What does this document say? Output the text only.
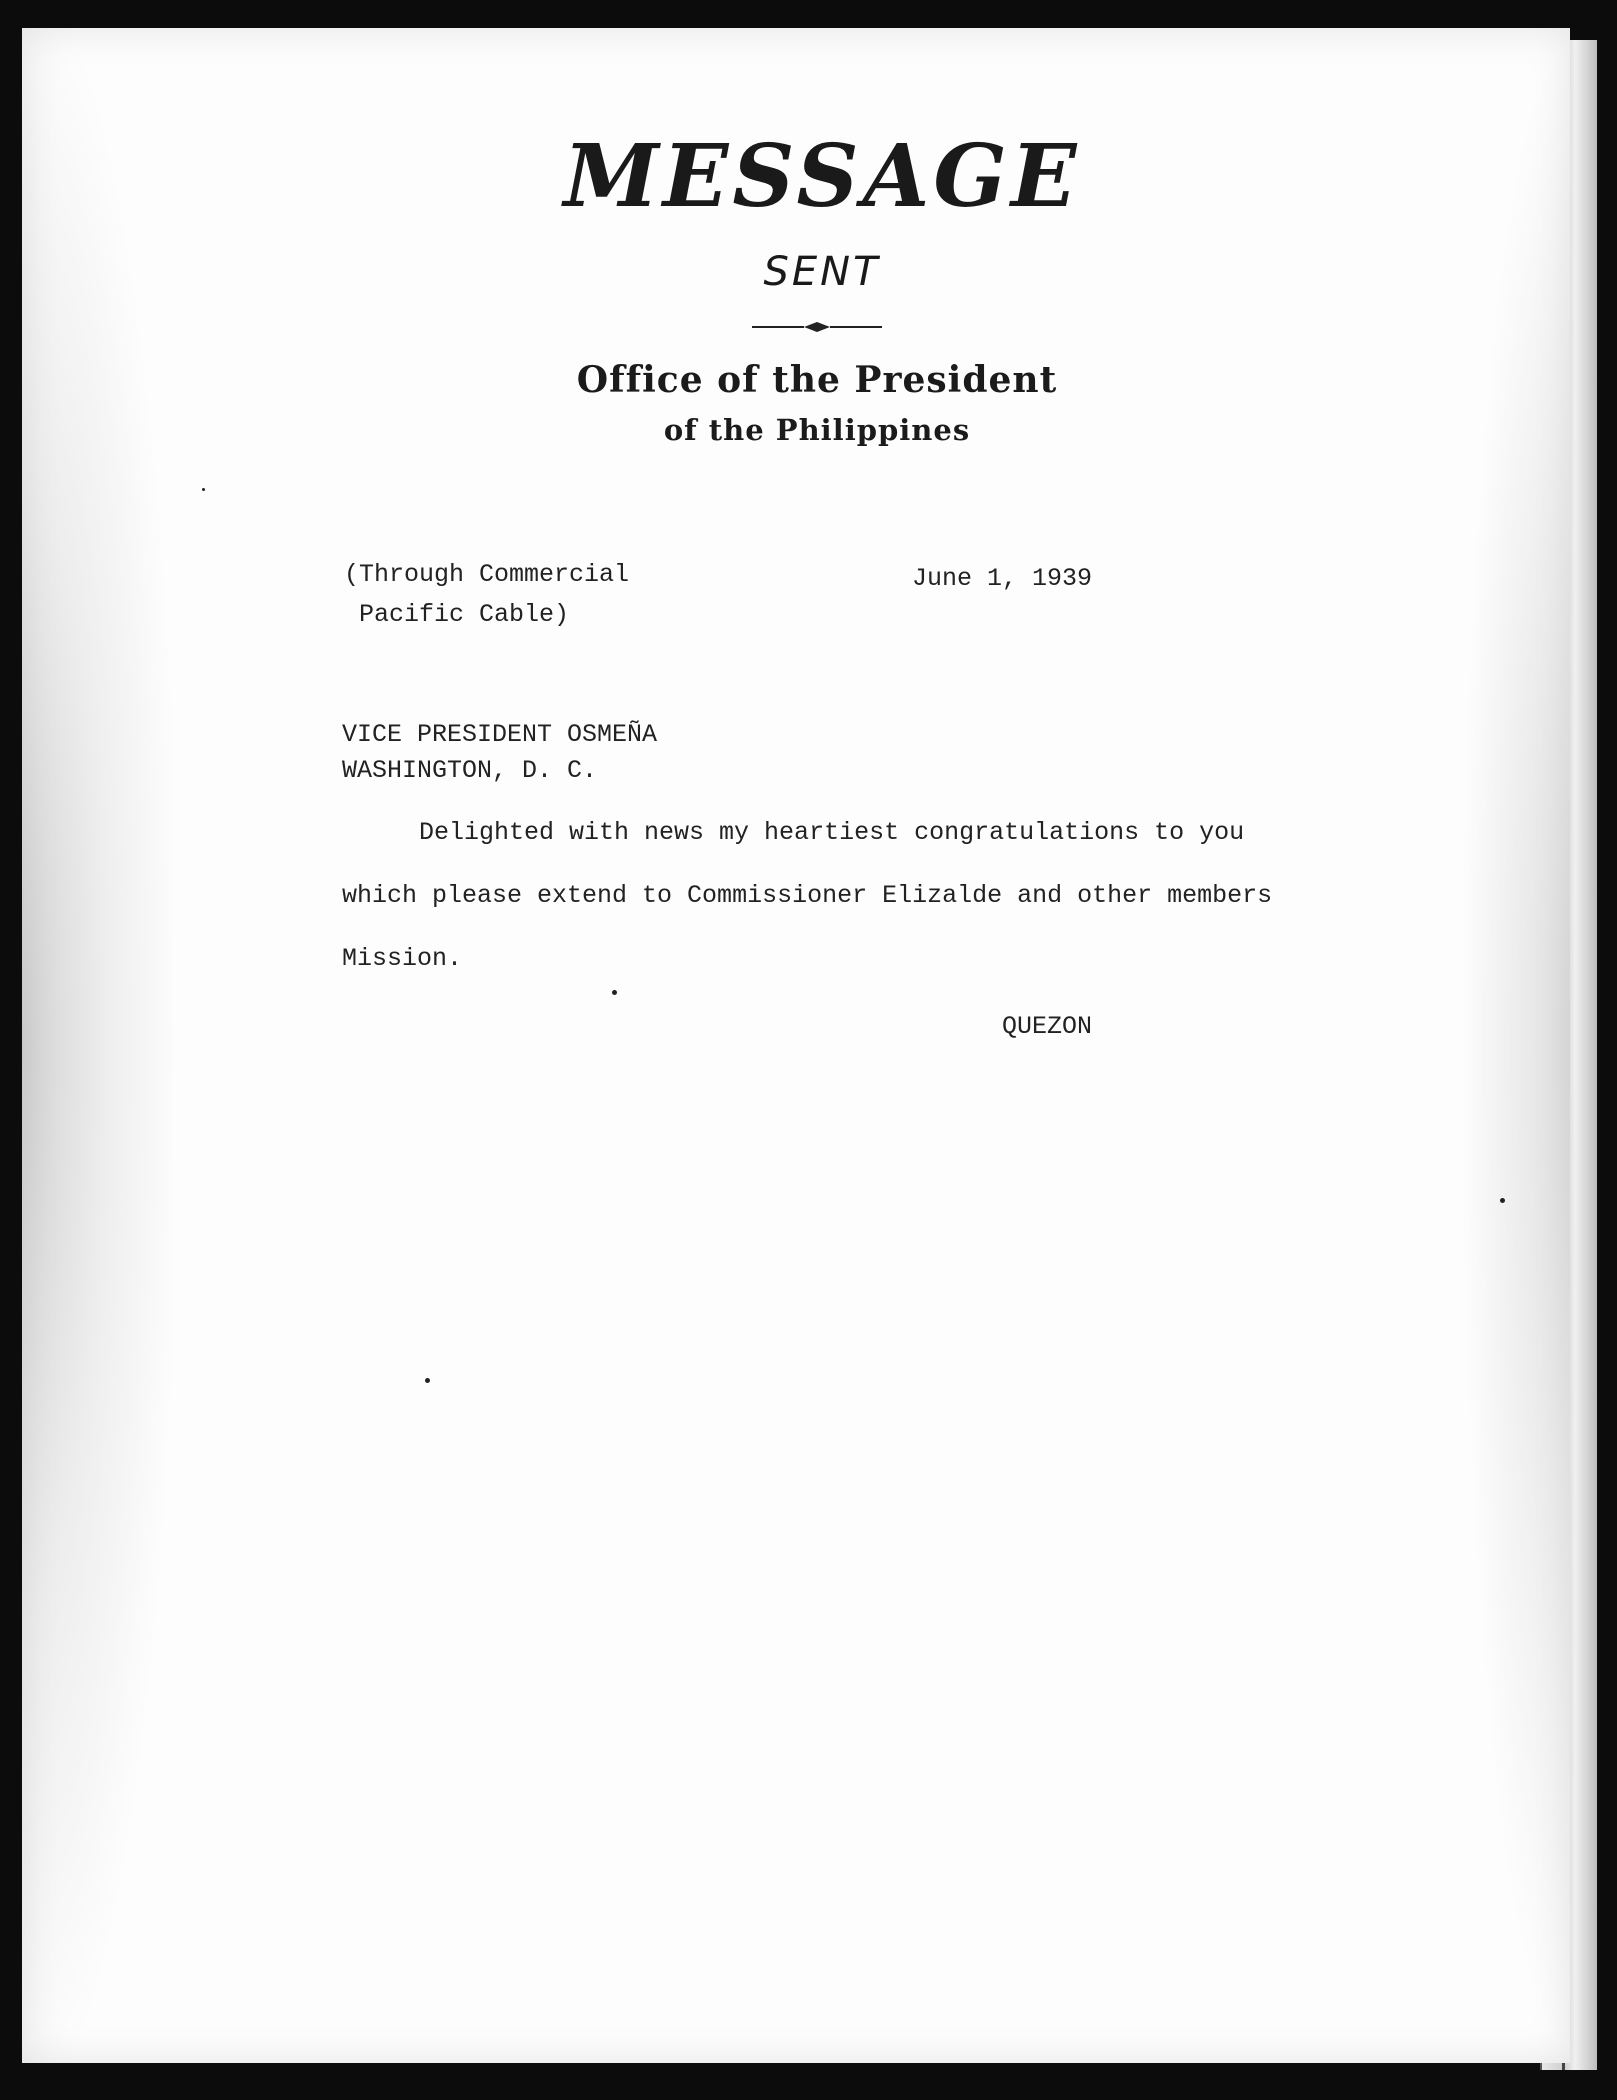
MESSAGE
SENT
Office of the President
of the Philippines
(Through Commercial
Pacific Cable)
June 1, 1939
VICE PRESIDENT OSMEÑA
WASHINGTON, D. C.
Delighted with news my heartiest congratulations to you
which please extend to Commissioner Elizalde and other members
Mission.
QUEZON
